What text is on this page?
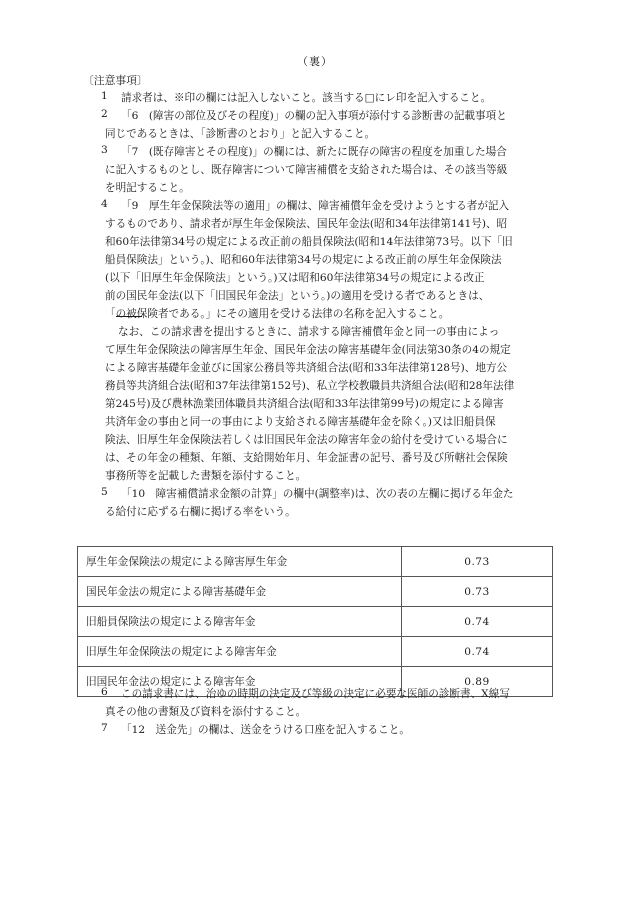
（裏）
〔注意事項〕
1 請求者は、※印の欄には記入しないこと。該当する□にレ印を記入すること。
2 「6　(障害の部位及びその程度)」の欄の記入事項が添付する診断書の記載事項と
同じであるときは、「診断書のとおり」と記入すること。
3 「7　(既存障害とその程度)」の欄には、新たに既存の障害の程度を加重した場合
に記入するものとし、既存障害について障害補償を支給された場合は、その該当等級
を明記すること。
4 「9　厚生年金保険法等の適用」の欄は、障害補償年金を受けようとする者が記入
するものであり、請求者が厚生年金保険法、国民年金法(昭和34年法律第141号)、昭
和60年法律第34号の規定による改正前の船員保険法(昭和14年法律第73号。以下「旧
船員保険法」という。)、昭和60年法律第34号の規定による改正前の厚生年金保険法
(以下「旧厚生年金保険法」という。)又は昭和60年法律第34号の規定による改正
前の国民年金法(以下「旧国民年金法」という。)の適用を受ける者であるときは、
「
の被保険者である。」にその適用を受ける法律の名称を記入すること。
なお、この請求書を提出するときに、請求する障害補償年金と同一の事由によっ
て厚生年金保険法の障害厚生年金、国民年金法の障害基礎年金(同法第30条の4の規定
による障害基礎年金並びに国家公務員等共済組合法(昭和33年法律第128号)、地方公
務員等共済組合法(昭和37年法律第152号)、私立学校教職員共済組合法(昭和28年法律
第245号)及び農林漁業団体職員共済組合法(昭和33年法律第99号)の規定による障害
共済年金の事由と同一の事由により支給される障害基礎年金を除く。)又は旧船員保
険法、旧厚生年金保険法若しくは旧国民年金法の障害年金の給付を受けている場合に
は、その年金の種類、年額、支給開始年月、年金証書の記号、番号及び所轄社会保険
事務所等を記載した書類を添付すること。
5 「10　障害補償請求金額の計算」の欄中(調整率)は、次の表の左欄に掲げる年金た
る給付に応ずる右欄に掲げる率をいう。
厚生年金保険法の規定による障害厚生年金	0.73
国民年金法の規定による障害基礎年金	0.73
旧船員保険法の規定による障害年金	0.74
旧厚生年金保険法の規定による障害年金	0.74
旧国民年金法の規定による障害年金	0.89
6 この請求書には、治ゆの時期の決定及び等級の決定に必要な医師の診断書、X線写
真その他の書類及び資料を添付すること。
7 「12　送金先」の欄は、送金をうける口座を記入すること。
